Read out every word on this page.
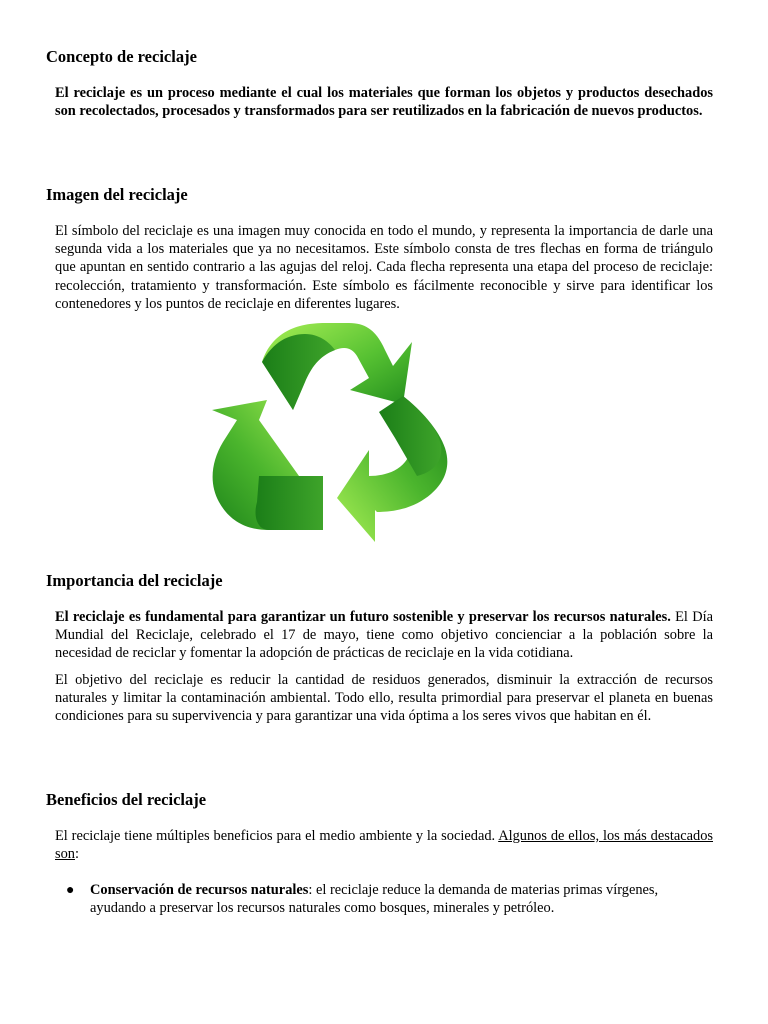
Concepto de reciclaje

El reciclaje es un proceso mediante el cual los materiales que forman los objetos y productos desechados son recolectados, procesados y transformados para ser reutilizados en la fabricación de nuevos productos.

Imagen del reciclaje

El símbolo del reciclaje es una imagen muy conocida en todo el mundo, y representa la importancia de darle una segunda vida a los materiales que ya no necesitamos. Este símbolo consta de tres flechas en forma de triángulo que apuntan en sentido contrario a las agujas del reloj. Cada flecha representa una etapa del proceso de reciclaje: recolección, tratamiento y transformación. Este símbolo es fácilmente reconocible y sirve para identificar los contenedores y los puntos de reciclaje en diferentes lugares.

Importancia del reciclaje

El reciclaje es fundamental para garantizar un futuro sostenible y preservar los recursos naturales. El Día Mundial del Reciclaje, celebrado el 17 de mayo, tiene como objetivo concienciar a la población sobre la necesidad de reciclar y fomentar la adopción de prácticas de reciclaje en la vida cotidiana.

El objetivo del reciclaje es reducir la cantidad de residuos generados, disminuir la extracción de recursos naturales y limitar la contaminación ambiental. Todo ello, resulta primordial para preservar el planeta en buenas condiciones para su supervivencia y para garantizar una vida óptima a los seres vivos que habitan en él.

Beneficios del reciclaje

El reciclaje tiene múltiples beneficios para el medio ambiente y la sociedad. Algunos de ellos, los más destacados son:

● Conservación de recursos naturales: el reciclaje reduce la demanda de materias primas vírgenes, ayudando a preservar los recursos naturales como bosques, minerales y petróleo.
